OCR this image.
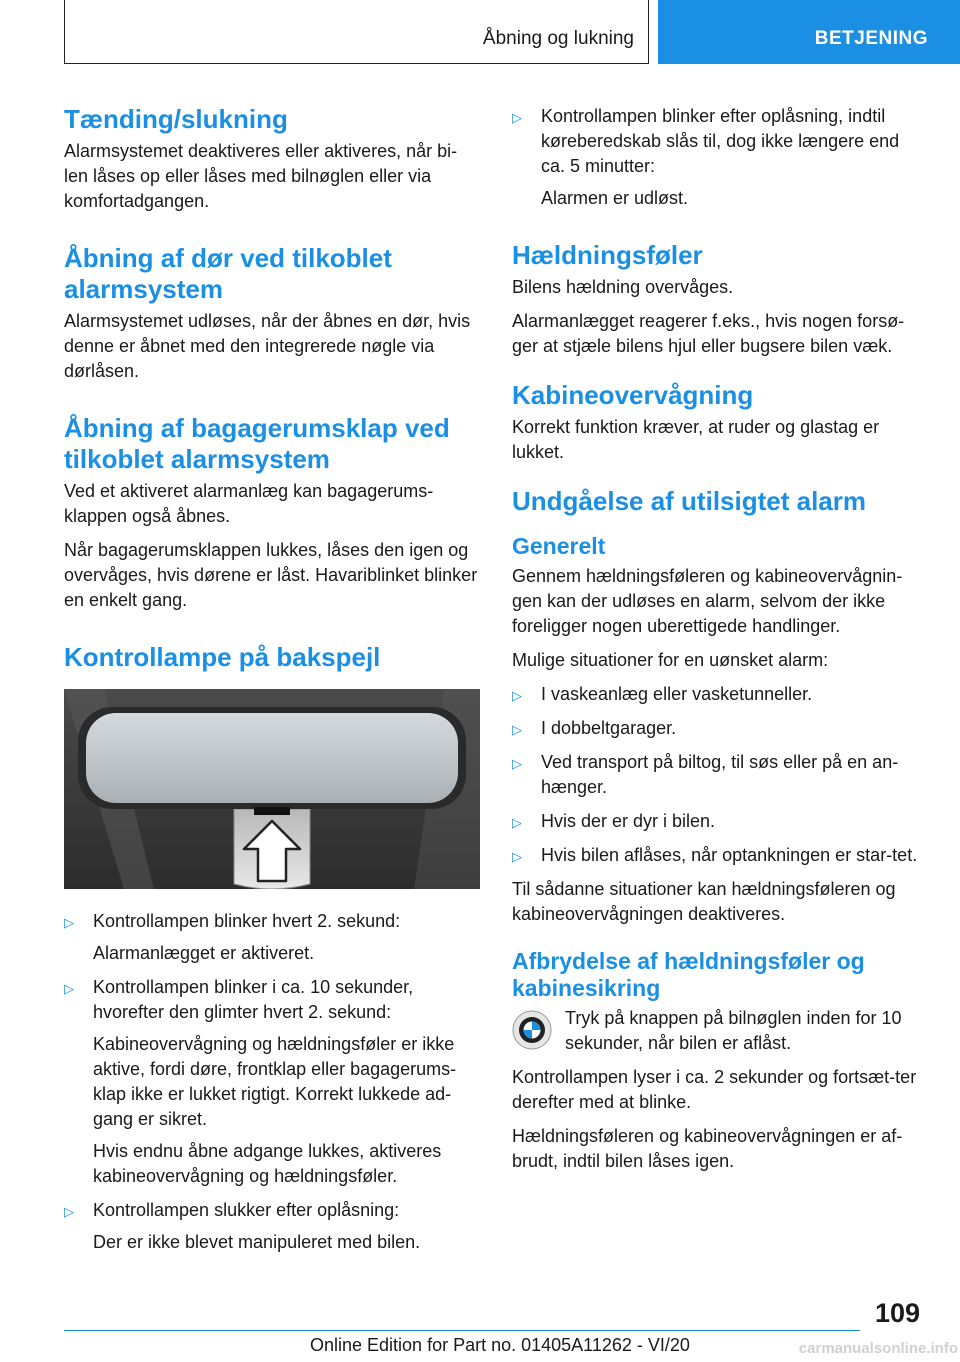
Åbning og lukning	BETJENING
Tænding/slukning

Alarmsystemet deaktiveres eller aktiveres, når bi-len låses op eller låses med bilnøglen eller via komfortadgangen.

Åbning af dør ved tilkoblet alarmsystem

Alarmsystemet udløses, når der åbnes en dør, hvis denne er åbnet med den integrerede nøgle via dørlåsen.

Åbning af bagagerumsklap ved tilkoblet alarmsystem

Ved et aktiveret alarmanlæg kan bagagerums-klappen også åbnes.

Når bagagerumsklappen lukkes, låses den igen og overvåges, hvis dørene er låst. Havariblinket blinker en enkelt gang.

Kontrollampe på bakspejl
▷ Kontrollampen blinker hvert 2. sekund:
Alarmanlægget er aktiveret.
▷ Kontrollampen blinker i ca. 10 sekunder, hvorefter den glimter hvert 2. sekund:
Kabineovervågning og hældningsføler er ikke aktive, fordi døre, frontklap eller bagagerums-klap ikke er lukket rigtigt. Korrekt lukkede ad-gang er sikret.
Hvis endnu åbne adgange lukkes, aktiveres kabineovervågning og hældningsføler.
▷ Kontrollampen slukker efter oplåsning:
Der er ikke blevet manipuleret med bilen.
▷ Kontrollampen blinker efter oplåsning, indtil køreberedskab slås til, dog ikke længere end ca. 5 minutter:
Alarmen er udløst.
Hældningsføler

Bilens hældning overvåges.

Alarmanlægget reagerer f.eks., hvis nogen forsø-ger at stjæle bilens hjul eller bugsere bilen væk.

Kabineovervågning

Korrekt funktion kræver, at ruder og glastag er lukket.

Undgåelse af utilsigtet alarm
Generelt

Gennem hældningsføleren og kabineovervågnin-gen kan der udløses en alarm, selvom der ikke foreligger nogen uberettigede handlinger.

Mulige situationer for en uønsket alarm:

▷ I vaskeanlæg eller vasketunneller.
▷ I dobbeltgarager.
▷ Ved transport på biltog, til søs eller på en an-hænger.
▷ Hvis der er dyr i bilen.
▷ Hvis bilen aflåses, når optankningen er star-tet.

Til sådanne situationer kan hældningsføleren og kabineovervågningen deaktiveres.

Afbrydelse af hældningsføler og kabinesikring

Tryk på knappen på bilnøglen inden for 10 sekunder, når bilen er aflåst.

Kontrollampen lyser i ca. 2 sekunder og fortsæt-ter derefter med at blinke.

Hældningsføleren og kabineovervågningen er af-brudt, indtil bilen låses igen.

109
Online Edition for Part no. 01405A11262 - VI/20	carmanualsonline.info
